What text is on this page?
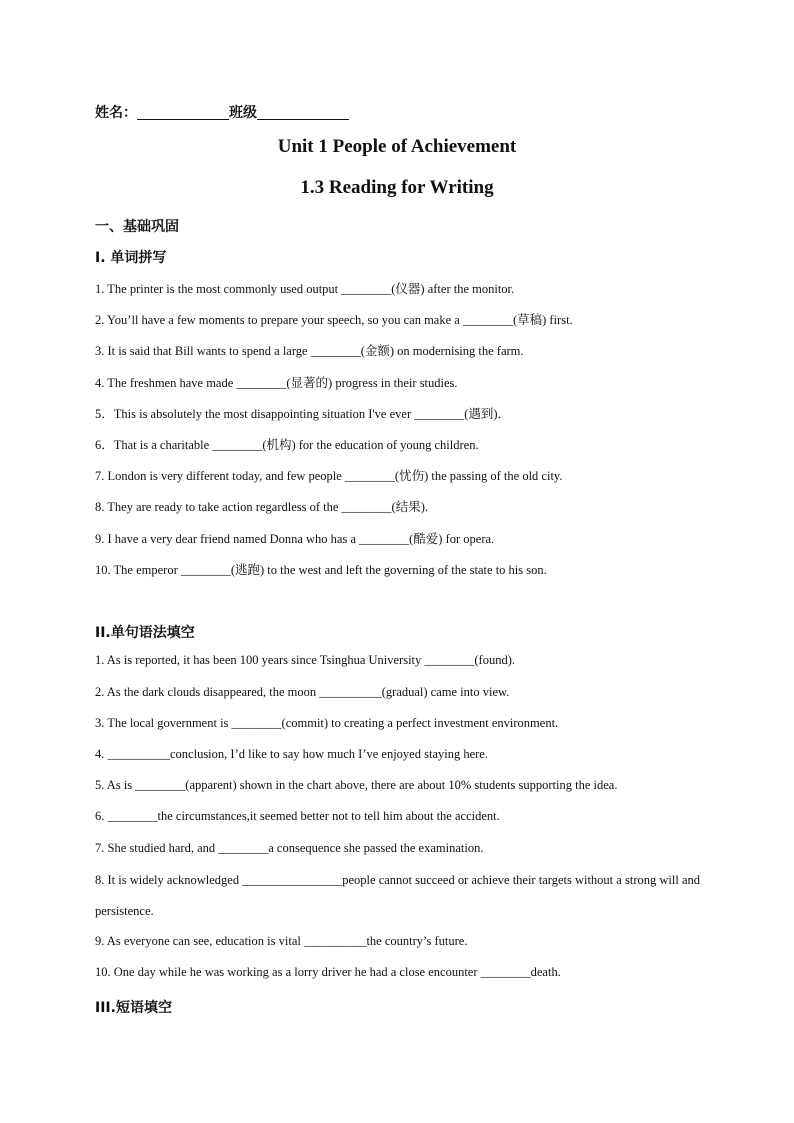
姓名：	班级
Unit 1 People of Achievement
1.3 Reading for Writing
一、基础巩固
I. 单词拼写
1. The printer is the most commonly used output ________(仪器) after the monitor.
2. You’ll have a few moments to prepare your speech, so you can make a ________(草稿) first.
3. It is said that Bill wants to spend a large ________(金额) on modernising the farm.
4. The freshmen have made ________(显著的) progress in their studies.
5．This is absolutely the most disappointing situation I've ever ________(遇到)．
6．That is a charitable ________(机构) for the education of young children.
7. London is very different today, and few people ________(忧伤) the passing of the old city.
8. They are ready to take action regardless of the ________(结果).
9. I have a very dear friend named Donna who has a ________(酷爱) for opera.
10. The emperor ________(逃跑) to the west and left the governing of the state to his son.
II.单句语法填空
1. As is reported, it has been 100 years since Tsinghua University ________(found).
2. As the dark clouds disappeared, the moon __________(gradual) came into view.
3. The local government is ________(commit) to creating a perfect investment environment.
4. __________conclusion, I’d like to say how much I’ve enjoyed staying here.
5. As is ________(apparent) shown in the chart above, there are about 10% students supporting the idea.
6. ________the circumstances,it seemed better not to tell him about the accident.
7. She studied hard, and ________a consequence she passed the examination.
8. It is widely acknowledged ________________people cannot succeed or achieve their targets without a strong will and persistence.
9. As everyone can see, education is vital __________the country’s future.
10. One day while he was working as a lorry driver he had a close encounter ________death.
III.短语填空
